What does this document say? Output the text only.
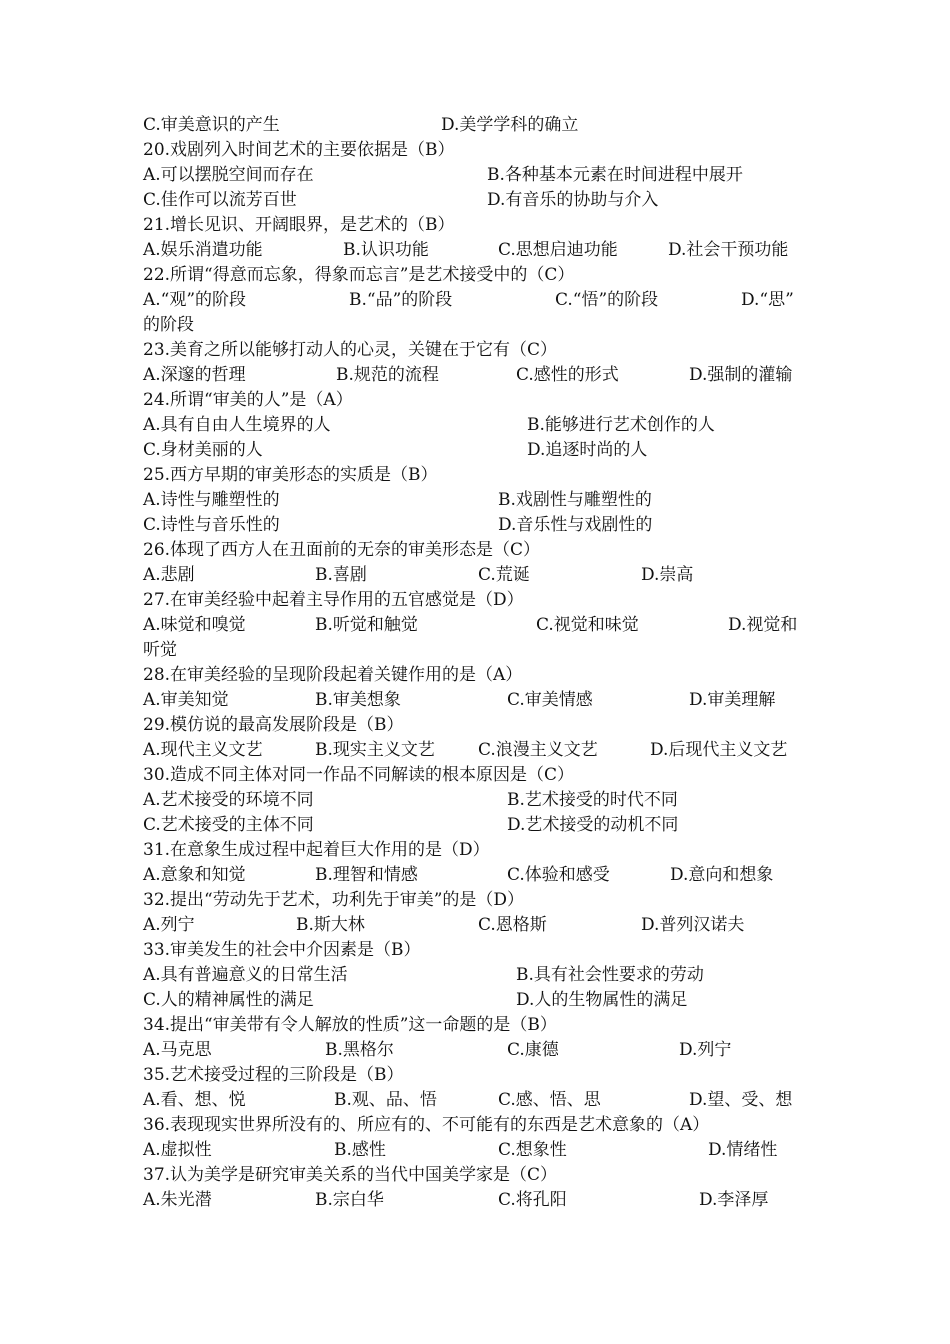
C.审美意识的产生	D.美学学科的确立
20.戏剧列入时间艺术的主要依据是（B）
A.可以摆脱空间而存在	B.各种基本元素在时间进程中展开
C.佳作可以流芳百世	D.有音乐的协助与介入
21.增长见识、开阔眼界，是艺术的（B）
A.娱乐消遣功能	B.认识功能	C.思想启迪功能	D.社会干预功能
22.所谓“得意而忘象，得象而忘言”是艺术接受中的（C）
A.“观”的阶段	B.“品”的阶段	C.“悟”的阶段	D.“思”
的阶段
23.美育之所以能够打动人的心灵，关键在于它有（C）
A.深邃的哲理	B.规范的流程	C.感性的形式	D.强制的灌输
24.所谓“审美的人”是（A）
A.具有自由人生境界的人	B.能够进行艺术创作的人
C.身材美丽的人	D.追逐时尚的人
25.西方早期的审美形态的实质是（B）
A.诗性与雕塑性的	B.戏剧性与雕塑性的
C.诗性与音乐性的	D.音乐性与戏剧性的
26.体现了西方人在丑面前的无奈的审美形态是（C）
A.悲剧	B.喜剧	C.荒诞	D.崇高
27.在审美经验中起着主导作用的五官感觉是（D）
A.味觉和嗅觉	B.听觉和触觉	C.视觉和味觉	D.视觉和
听觉
28.在审美经验的呈现阶段起着关键作用的是（A）
A.审美知觉	B.审美想象	C.审美情感	D.审美理解
29.模仿说的最高发展阶段是（B）
A.现代主义文艺	B.现实主义文艺	C.浪漫主义文艺	D.后现代主义文艺
30.造成不同主体对同一作品不同解读的根本原因是（C）
A.艺术接受的环境不同	B.艺术接受的时代不同
C.艺术接受的主体不同	D.艺术接受的动机不同
31.在意象生成过程中起着巨大作用的是（D）
A.意象和知觉	B.理智和情感	C.体验和感受	D.意向和想象
32.提出“劳动先于艺术，功利先于审美”的是（D）
A.列宁	B.斯大林	C.恩格斯	D.普列汉诺夫
33.审美发生的社会中介因素是（B）
A.具有普遍意义的日常生活	B.具有社会性要求的劳动
C.人的精神属性的满足	D.人的生物属性的满足
34.提出“审美带有令人解放的性质”这一命题的是（B）
A.马克思	B.黑格尔	C.康德	D.列宁
35.艺术接受过程的三阶段是（B）
A.看、想、悦	B.观、品、悟	C.感、悟、思	D.望、受、想
36.表现现实世界所没有的、所应有的、不可能有的东西是艺术意象的（A）
A.虚拟性	B.感性	C.想象性	D.情绪性
37.认为美学是研究审美关系的当代中国美学家是（C）
A.朱光潜	B.宗白华	C.将孔阳	D.李泽厚
